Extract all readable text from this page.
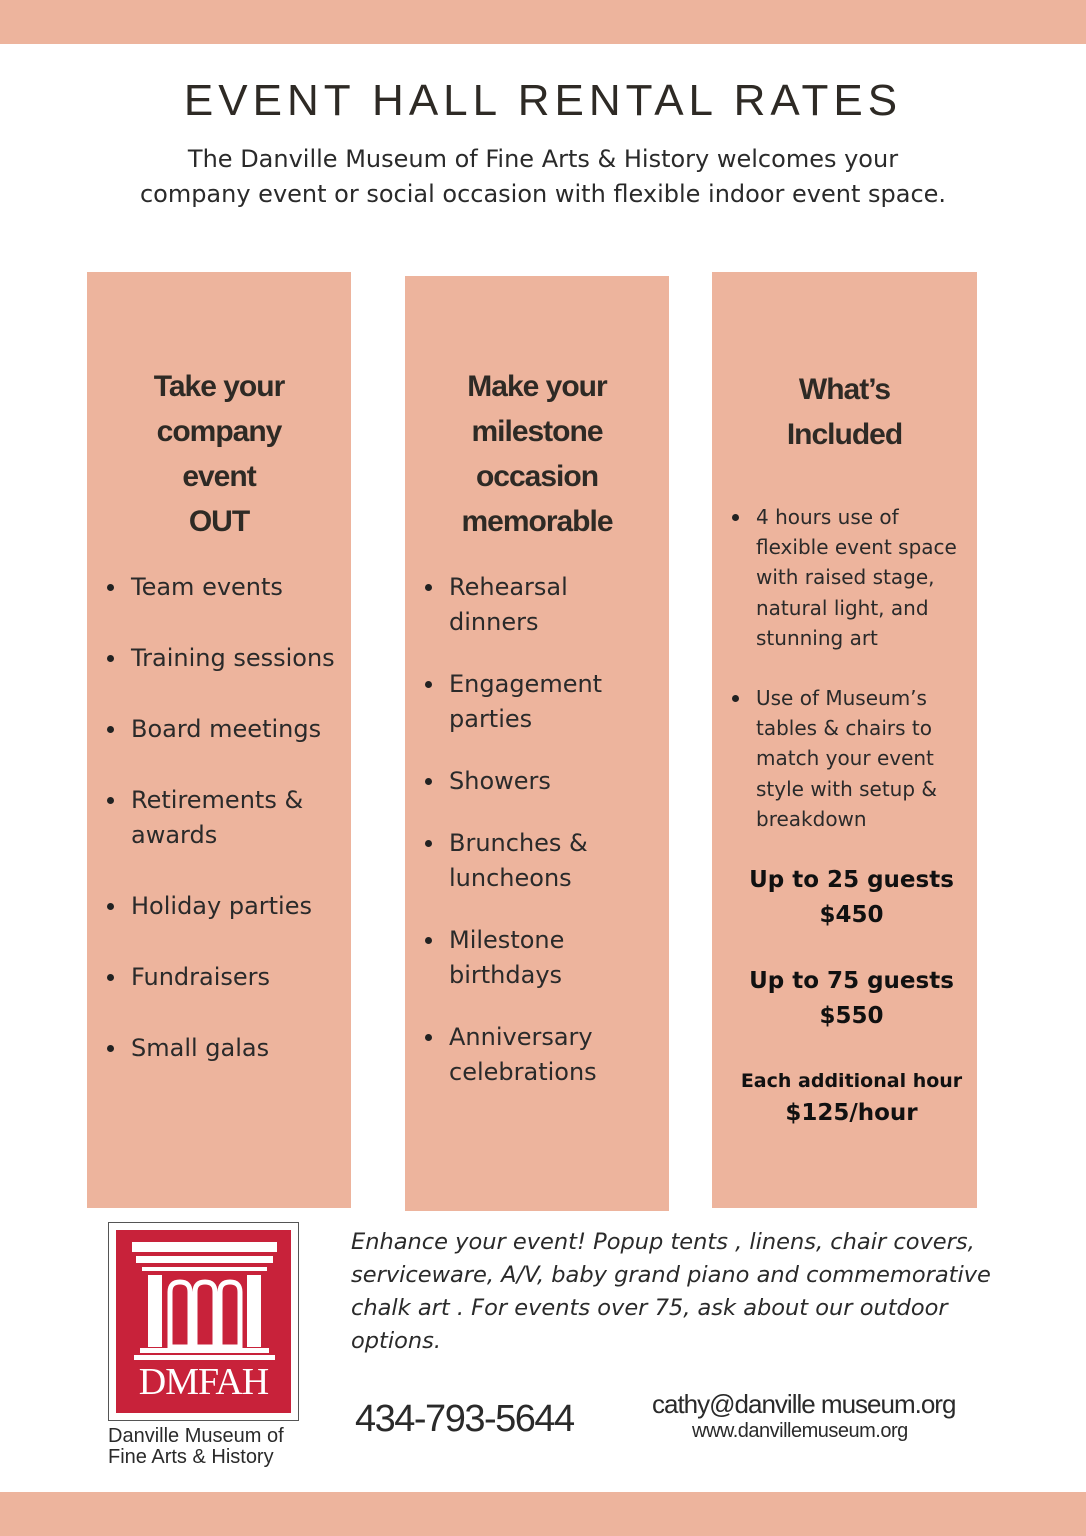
EVENT HALL RENTAL RATES

The Danville Museum of Fine Arts & History welcomes your
company event or social occasion with flexible indoor event space.

Take your
company
event
OUT
Team events
Training sessions
Board meetings
Retirements & awards
Holiday parties
Fundraisers
Small galas
Make your
milestone
occasion
memorable
Rehearsal dinners
Engagement parties
Showers
Brunches & luncheons
Milestone birthdays
Anniversary celebrations
What’s
Included
4 hours use of flexible event space with raised stage, natural light, and stunning art
Use of Museum’s tables & chairs to match your event style with setup & breakdown

Up to 25 guests
$450

Up to 75 guests
$550

Each additional hour
$125/hour

DMFAH
Danville Museum of
Fine Arts & History

Enhance your event! Popup tents , linens, chair covers, serviceware, A/V, baby grand piano and commemorative chalk art . For events over 75, ask about our outdoor options.

434-793-5644	cathy@danville museum.org
www.danvillemuseum.org
